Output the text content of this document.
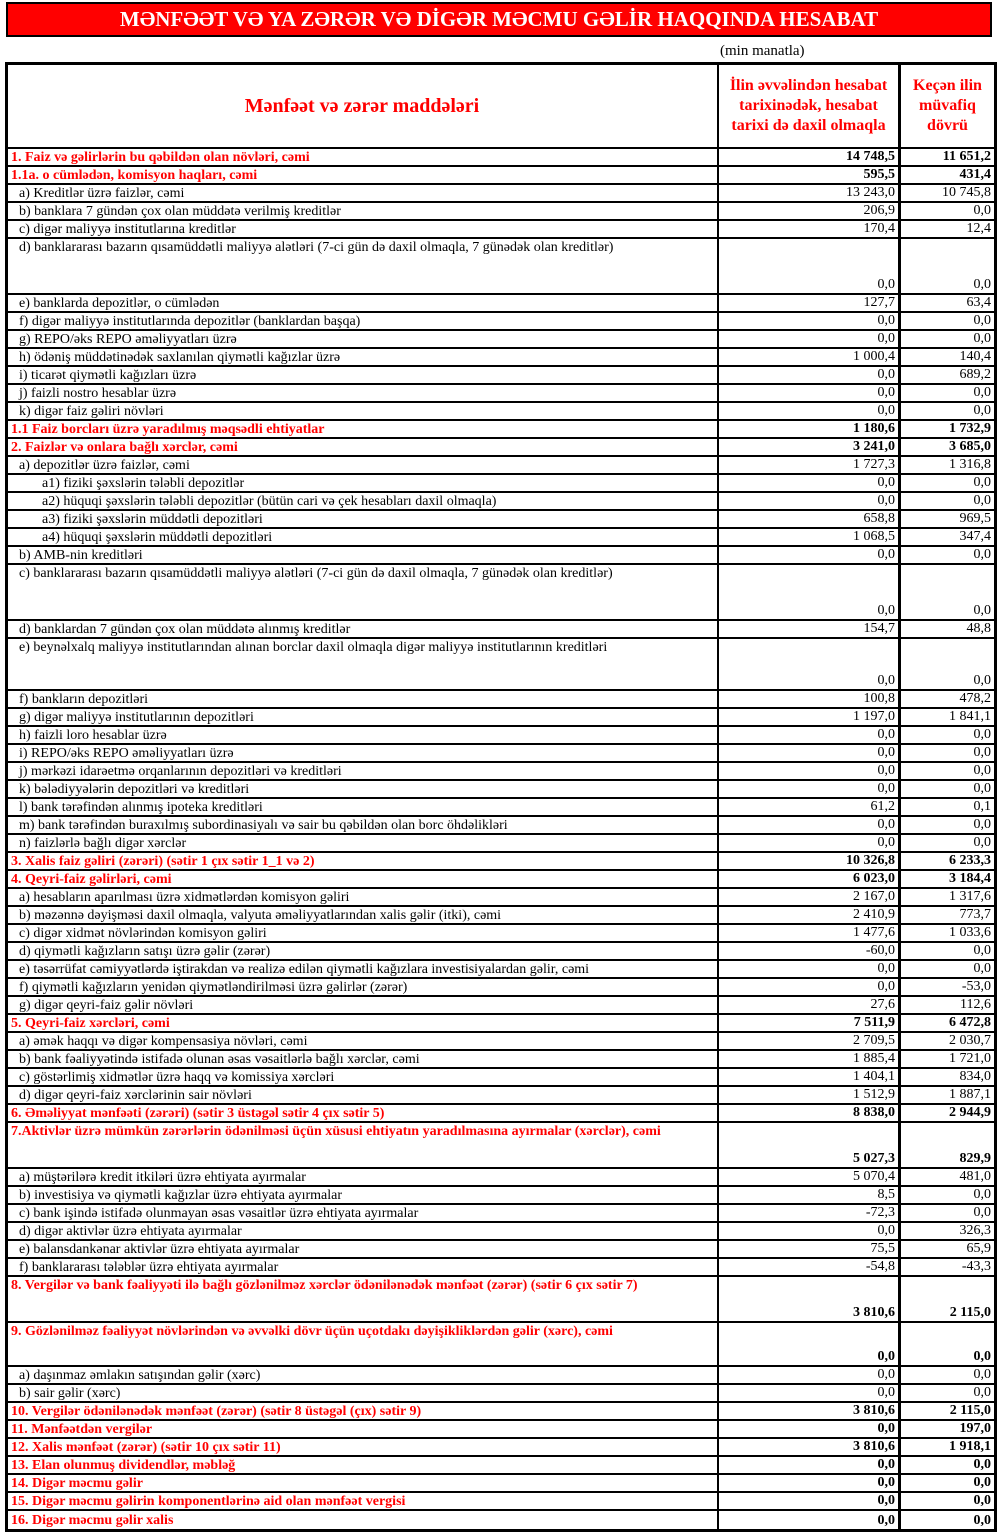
MƏNFƏƏT VƏ YA ZƏRƏR VƏ DİGƏR MƏCMU GƏLİR HAQQINDA HESABAT
(min manatla)
Mənfəət və zərər maddələri
İlin əvvəlindən hesabat tarixinədək, hesabat tarixi də daxil olmaqla
Keçən ilin müvafiq dövrü
1. Faiz və gəlirlərin bu qəbildən olan növləri, cəmi	14 748,5	11 651,2
1.1a. o cümlədən, komisyon haqları, cəmi	595,5	431,4
a) Kreditlər üzrə faizlər, cəmi	13 243,0	10 745,8
b) banklara 7 gündən çox olan müddətə verilmiş kreditlər	206,9	0,0
c) digər maliyyə institutlarına kreditlər	170,4	12,4
d) banklararası bazarın qısamüddətli maliyyə alətləri (7-ci gün də daxil olmaqla, 7 günədək olan kreditlər)
0,0	0,0
e) banklarda depozitlər, o cümlədən	127,7	63,4
f) digər maliyyə institutlarında depozitlər (banklardan başqa)	0,0	0,0
g) REPO/əks REPO əməliyyatları üzrə	0,0	0,0
h) ödəniş müddətinədək saxlanılan qiymətli kağızlar üzrə	1 000,4	140,4
i) ticarət qiymətli kağızları üzrə	0,0	689,2
j) faizli nostro hesablar üzrə	0,0	0,0
k) digər faiz gəliri növləri	0,0	0,0
1.1 Faiz borcları üzrə yaradılmış məqsədli ehtiyatlar	1 180,6	1 732,9
2. Faizlər və onlara bağlı xərclər, cəmi	3 241,0	3 685,0
a) depozitlər üzrə faizlər, cəmi	1 727,3	1 316,8
a1) fiziki şəxslərin tələbli depozitlər	0,0	0,0
a2) hüquqi şəxslərin tələbli depozitlər (bütün cari və çek hesabları daxil olmaqla)	0,0	0,0
a3) fiziki şəxslərin müddətli depozitləri	658,8	969,5
a4) hüquqi şəxslərin müddətli depozitləri	1 068,5	347,4
b) AMB-nin kreditləri	0,0	0,0
c) banklararası bazarın qısamüddətli maliyyə alətləri (7-ci gün də daxil olmaqla, 7 günədək olan kreditlər)
0,0	0,0
d) banklardan 7 gündən çox olan müddətə alınmış kreditlər	154,7	48,8
e) beynəlxalq maliyyə institutlarından alınan borclar daxil olmaqla digər maliyyə institutlarının kreditləri
0,0	0,0
f) bankların depozitləri	100,8	478,2
g) digər maliyyə institutlarının depozitləri	1 197,0	1 841,1
h) faizli loro hesablar üzrə	0,0	0,0
i) REPO/əks REPO əməliyyatları üzrə	0,0	0,0
j) mərkəzi idarəetmə orqanlarının depozitləri və kreditləri	0,0	0,0
k) bələdiyyələrin depozitləri və kreditləri	0,0	0,0
l) bank tərəfindən alınmış ipoteka kreditləri	61,2	0,1
m) bank tərəfindən buraxılmış subordinasiyalı və sair bu qəbildən olan borc öhdəlikləri	0,0	0,0
n) faizlərlə bağlı digər xərclər	0,0	0,0
3. Xalis faiz gəliri (zərəri) (sətir 1 çıx sətir 1_1 və 2)	10 326,8	6 233,3
4. Qeyri-faiz gəlirləri, cəmi	6 023,0	3 184,4
a) hesabların aparılması üzrə xidmətlərdən komisyon gəliri	2 167,0	1 317,6
b) məzənnə dəyişməsi daxil olmaqla, valyuta əməliyyatlarından xalis gəlir (itki), cəmi	2 410,9	773,7
c) digər xidmət növlərindən komisyon gəliri	1 477,6	1 033,6
d) qiymətli kağızların satışı üzrə gəlir (zərər)	-60,0	0,0
e) təsərrüfat cəmiyyətlərdə iştirakdan və realizə edilən qiymətli kağızlara investisiyalardan gəlir, cəmi	0,0	0,0
f) qiymətli kağızların yenidən qiymətləndirilməsi üzrə gəlirlər (zərər)	0,0	-53,0
g) digər qeyri-faiz gəlir növləri	27,6	112,6
5. Qeyri-faiz xərcləri, cəmi	7 511,9	6 472,8
a) əmək haqqı və digər kompensasiya növləri, cəmi	2 709,5	2 030,7
b) bank fəaliyyətində istifadə olunan əsas vəsaitlərlə bağlı xərclər, cəmi	1 885,4	1 721,0
c) göstərlimiş xidmətlər üzrə haqq və komissiya xərcləri	1 404,1	834,0
d) digər qeyri-faiz xərclərinin sair növləri	1 512,9	1 887,1
6. Əməliyyat mənfəəti (zərəri) (sətir 3 üstəgəl sətir 4 çıx sətir 5)	8 838,0	2 944,9
7.Aktivlər üzrə mümkün zərərlərin ödənilməsi üçün xüsusi ehtiyatın yaradılmasına ayırmalar (xərclər), cəmi
5 027,3	829,9
a) müştərilərə kredit itkiləri üzrə ehtiyata ayırmalar	5 070,4	481,0
b) investisiya və qiymətli kağızlar üzrə ehtiyata ayırmalar	8,5	0,0
c) bank işində istifadə olunmayan əsas vəsaitlər üzrə ehtiyata ayırmalar	-72,3	0,0
d) digər aktivlər üzrə ehtiyata ayırmalar	0,0	326,3
e) balansdankənar aktivlər üzrə ehtiyata ayırmalar	75,5	65,9
f) banklararası tələblər üzrə ehtiyata ayırmalar	-54,8	-43,3
8. Vergilər və bank fəaliyyəti ilə bağlı gözlənilməz xərclər ödənilənədək mənfəət (zərər) (sətir 6 çıx sətir 7)
3 810,6	2 115,0
9. Gözlənilməz fəaliyyət növlərindən və əvvəlki dövr üçün uçotdakı dəyişikliklərdən gəlir (xərc), cəmi
0,0	0,0
a) daşınmaz əmlakın satışından gəlir (xərc)	0,0	0,0
b) sair gəlir (xərc)	0,0	0,0
10. Vergilər ödənilənədək mənfəət (zərər) (sətir 8 üstəgəl (çıx) sətir 9)	3 810,6	2 115,0
11. Mənfəətdən vergilər	0,0	197,0
12. Xalis mənfəət (zərər) (sətir 10 çıx sətir 11)	3 810,6	1 918,1
13. Elan olunmuş dividendlər, məbləğ	0,0	0,0
14. Digər məcmu gəlir	0,0	0,0
15. Digər məcmu gəlirin komponentlərinə aid olan mənfəət vergisi	0,0	0,0
16. Digər məcmu gəlir xalis	0,0	0,0
